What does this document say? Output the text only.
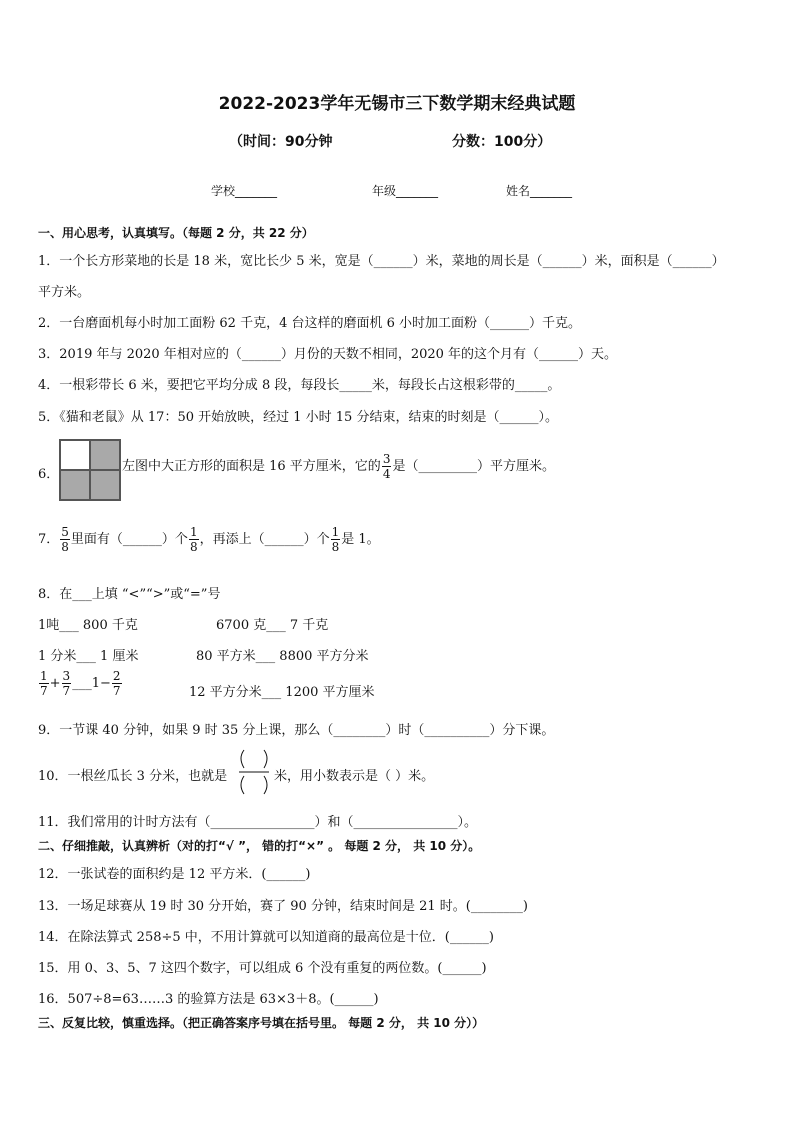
2022-2023学年无锡市三下数学期末经典试题
（时间：90分钟	分数：100分）
学校_______	年级_______	姓名_______
一、用心思考，认真填写。（每题 2 分，共 22 分）
1．一个长方形菜地的长是 18 米，宽比长少 5 米，宽是（______）米，菜地的周长是（______）米，面积是（______）
平方米。
2．一台磨面机每小时加工面粉 62 千克，4 台这样的磨面机 6 小时加工面粉（______）千克。
3．2019 年与 2020 年相对应的（______）月份的天数不相同，2020 年的这个月有（______）天。
4．一根彩带长 6 米，要把它平均分成 8 段，每段长_____米，每段长占这根彩带的_____。
5．《猫和老鼠》从 17：50 开始放映，经过 1 小时 15 分结束，结束的时刻是（______）。
6．
左图中大正方形的面积是 16 平方厘米，它的 $\frac{3}{4}$ 是（_________）平方厘米。
7． $\frac{5}{8}$ 里面有（______）个 $\frac{1}{8}$ ，再添上（______）个 $\frac{1}{8}$ 是 1。
8．在___上填 “<”“>”或“=”号
1吨___ 800 千克	6700 克___ 7 千克
1 分米___ 1 厘米	80 平方米___ 8800 平方分米
$\frac{1}{7} + \frac{3}{7}$ ___1− $\frac{2}{7}$	12 平方分米___ 1200 平方厘米
9．一节课 40 分钟，如果 9 时 35 分上课，那么（________）时（__________）分下课。
10．一根丝瓜长 3 分米，也就是	米，用小数表示是（ ）米。
11．我们常用的计时方法有（________________）和（________________）。
二、仔细推敲，认真辨析（对的打“√ ”， 错的打“×” 。 每题 2 分， 共 10 分）。
12．一张试卷的面积约是 12 平方米．(______)
13．一场足球赛从 19 时 30 分开始，赛了 90 分钟，结束时间是 21 时。(________)
14．在除法算式 258÷5 中，不用计算就可以知道商的最高位是十位．(______)
15．用 0、3、5、7 这四个数字，可以组成 6 个没有重复的两位数。(______)
16．507÷8=63……3 的验算方法是 63×3＋8。(______)
三、反复比较，慎重选择。（把正确答案序号填在括号里。 每题 2 分， 共 10 分））
